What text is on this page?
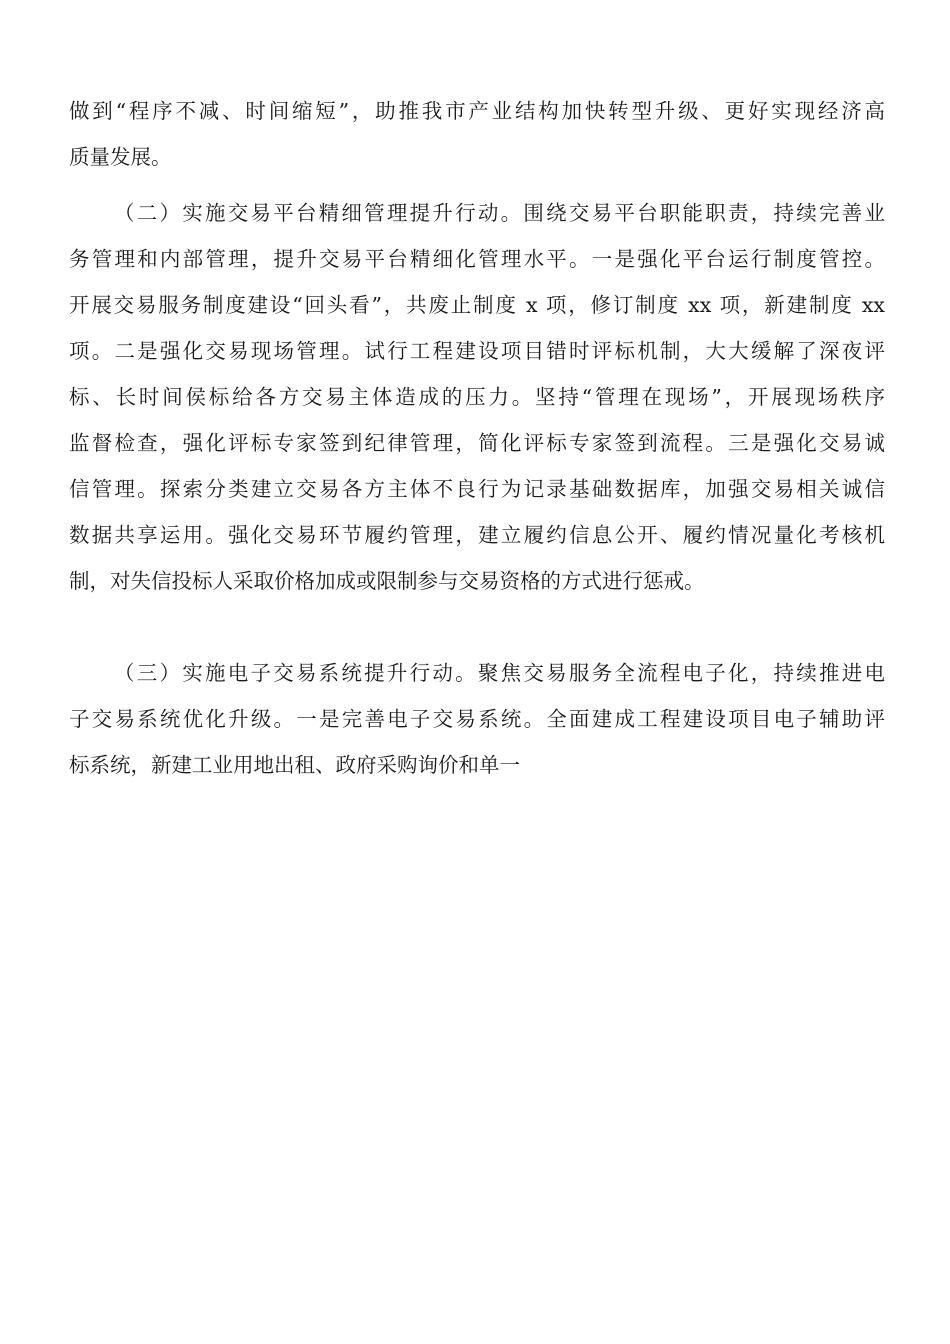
做到“程序不减、时间缩短”，助推我市产业结构加快转型升级、更好实现经济高
质量发展。
（二）实施交易平台精细管理提升行动。围绕交易平台职能职责，持续完善业
务管理和内部管理，提升交易平台精细化管理水平。一是强化平台运行制度管控。
开展交易服务制度建设“回头看”，共废止制度 x 项，修订制度 xx 项，新建制度 xx
项。二是强化交易现场管理。试行工程建设项目错时评标机制，大大缓解了深夜评
标、长时间侯标给各方交易主体造成的压力。坚持“管理在现场”，开展现场秩序
监督检查，强化评标专家签到纪律管理，简化评标专家签到流程。三是强化交易诚
信管理。探索分类建立交易各方主体不良行为记录基础数据库，加强交易相关诚信
数据共享运用。强化交易环节履约管理，建立履约信息公开、履约情况量化考核机
制，对失信投标人采取价格加成或限制参与交易资格的方式进行惩戒。
（三）实施电子交易系统提升行动。聚焦交易服务全流程电子化，持续推进电
子交易系统优化升级。一是完善电子交易系统。全面建成工程建设项目电子辅助评
标系统，新建工业用地出租、政府采购询价和单一
